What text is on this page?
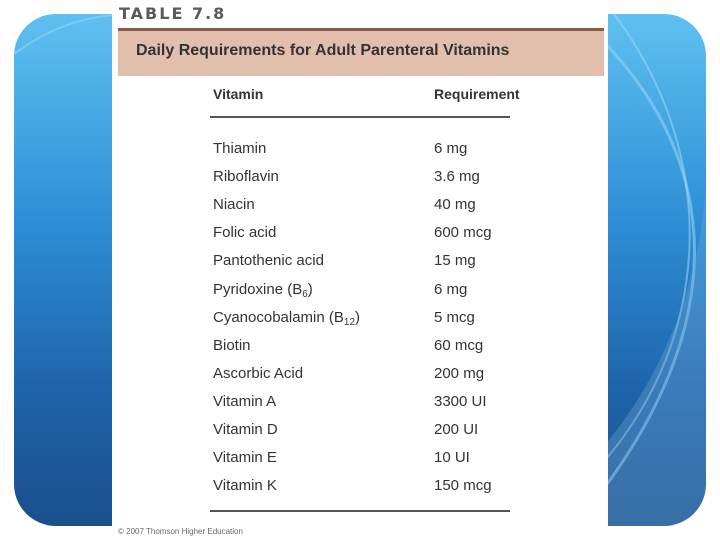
TABLE 7.8
Daily Requirements for Adult Parenteral Vitamins
Vitamin	Requirement
Thiamin	6 mg
Riboflavin	3.6 mg
Niacin	40 mg
Folic acid	600 mcg
Pantothenic acid	15 mg
Pyridoxine $(B_6)$	6 mg
Cyanocobalamin $(B_{12})$	5 mcg
Biotin	60 mcg
Ascorbic Acid	200 mg
Vitamin A	3300 UI
Vitamin D	200 UI
Vitamin E	10 UI
Vitamin K	150 mcg
© 2007 Thomson Higher Education
